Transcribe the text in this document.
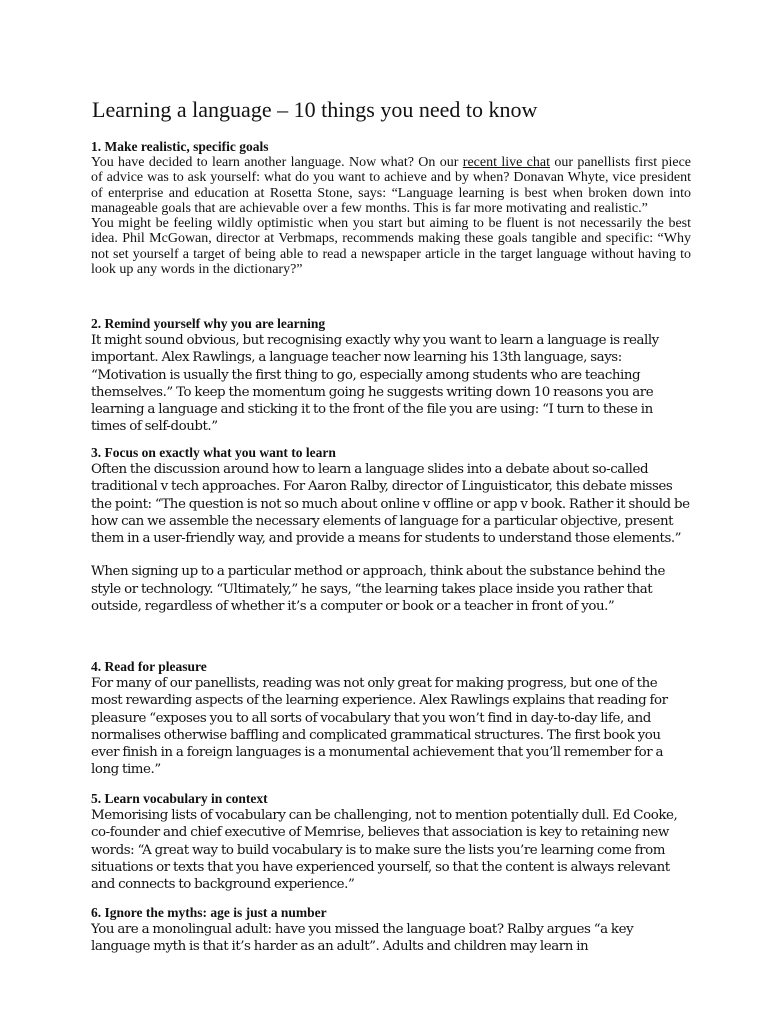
Learning a language – 10 things you need to know
1. Make realistic, specific goals

You have decided to learn another language. Now what? On our recent live chat our panellists first piece of advice was to ask yourself: what do you want to achieve and by when? Donavan Whyte, vice president of enterprise and education at Rosetta Stone, says: “Language learning is best when broken down into manageable goals that are achievable over a few months. This is far more motivating and realistic.”

You might be feeling wildly optimistic when you start but aiming to be fluent is not necessarily the best idea. Phil McGowan, director at Verbmaps, recommends making these goals tangible and specific: “Why not set yourself a target of being able to read a newspaper article in the target language without having to look up any words in the dictionary?”

2. Remind yourself why you are learning

It might sound obvious, but recognising exactly why you want to learn a language is really important. Alex Rawlings, a language teacher now learning his 13th language, says: “Motivation is usually the first thing to go, especially among students who are teaching themselves.” To keep the momentum going he suggests writing down 10 reasons you are learning a language and sticking it to the front of the file you are using: “I turn to these in times of self-doubt.”

3. Focus on exactly what you want to learn

Often the discussion around how to learn a language slides into a debate about so-called traditional v tech approaches. For Aaron Ralby, director of Linguisticator, this debate misses the point: “The question is not so much about online v offline or app v book. Rather it should be how can we assemble the necessary elements of language for a particular objective, present them in a user-friendly way, and provide a means for students to understand those elements.”

When signing up to a particular method or approach, think about the substance behind the style or technology. “Ultimately,” he says, “the learning takes place inside you rather that outside, regardless of whether it’s a computer or book or a teacher in front of you.”

4. Read for pleasure

For many of our panellists, reading was not only great for making progress, but one of the most rewarding aspects of the learning experience. Alex Rawlings explains that reading for pleasure “exposes you to all sorts of vocabulary that you won’t find in day-to-day life, and normalises otherwise baffling and complicated grammatical structures. The first book you ever finish in a foreign languages is a monumental achievement that you’ll remember for a long time.”

5. Learn vocabulary in context

Memorising lists of vocabulary can be challenging, not to mention potentially dull. Ed Cooke, co-founder and chief executive of Memrise, believes that association is key to retaining new words: “A great way to build vocabulary is to make sure the lists you’re learning come from situations or texts that you have experienced yourself, so that the content is always relevant and connects to background experience.”

6. Ignore the myths: age is just a number

You are a monolingual adult: have you missed the language boat? Ralby argues “a key language myth is that it’s harder as an adult”. Adults and children may learn in
